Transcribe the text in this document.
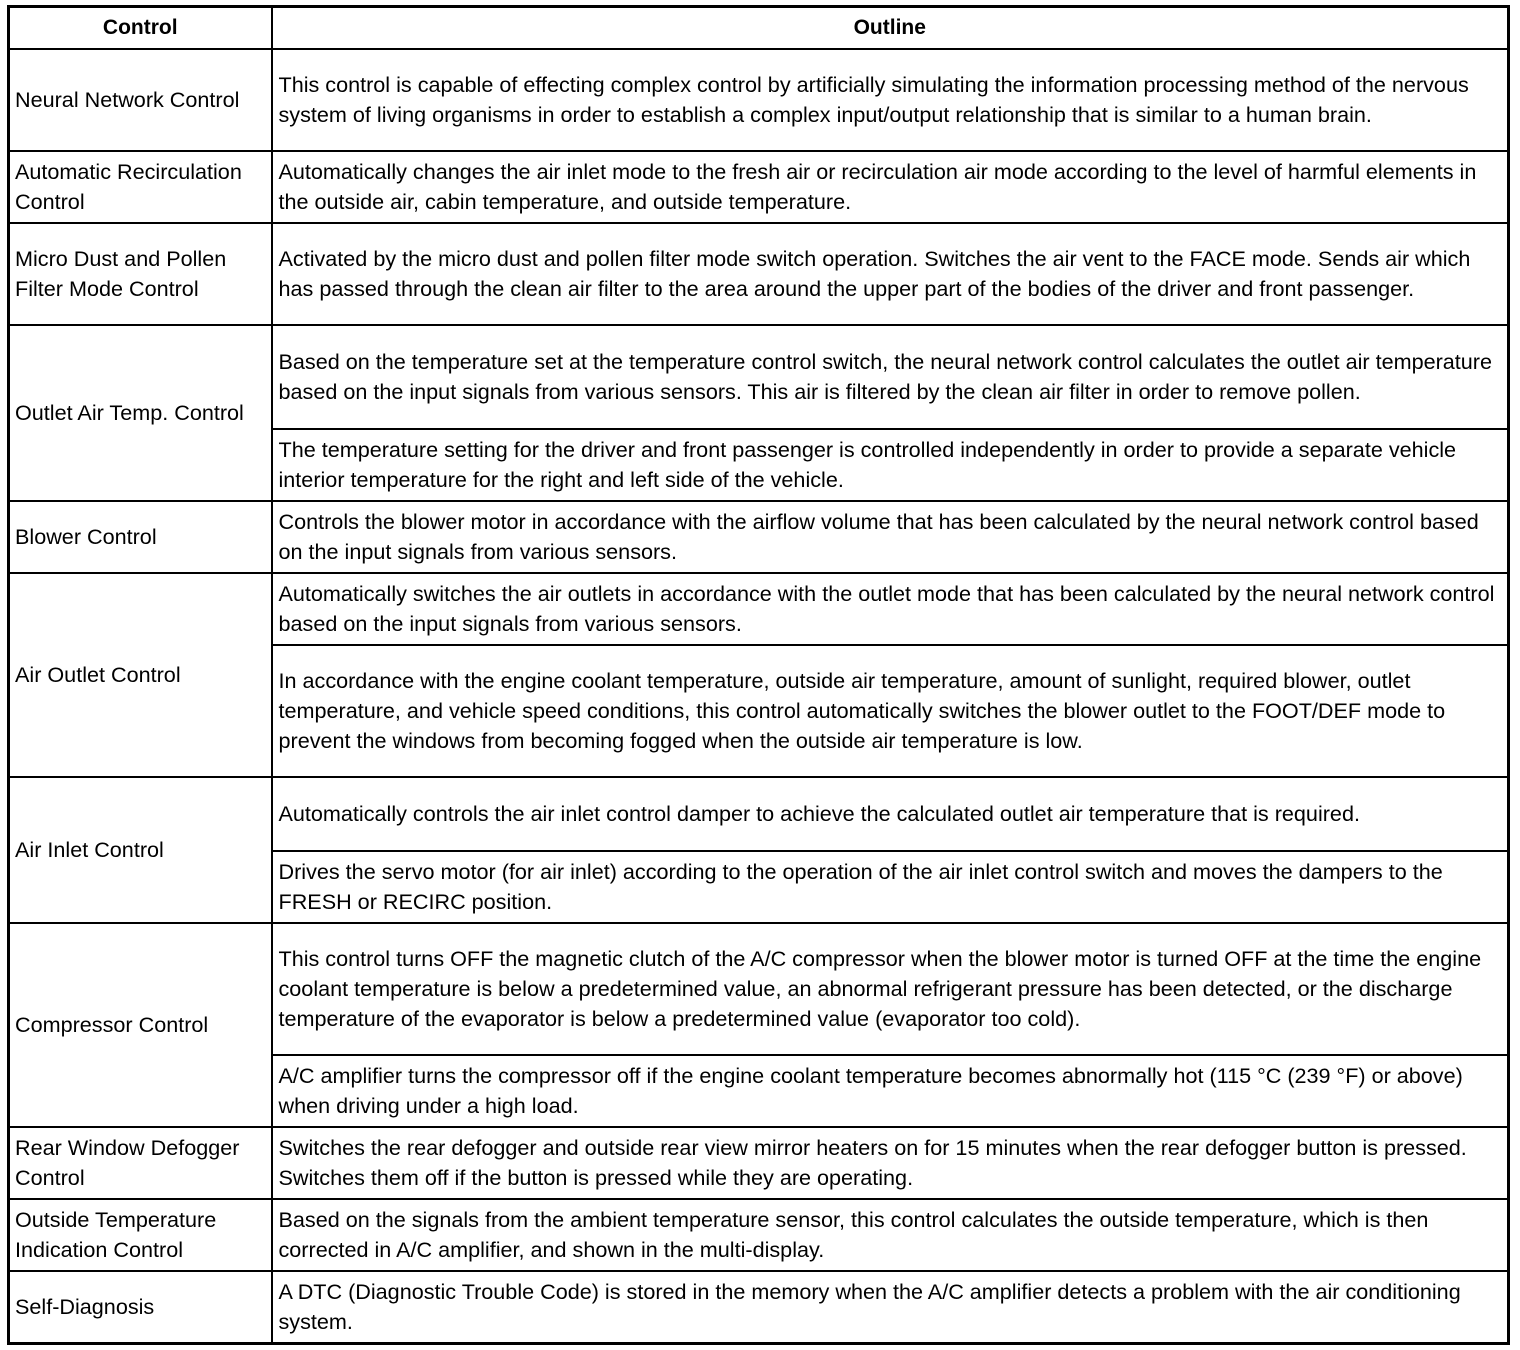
Control	Outline
Neural Network Control	This control is capable of effecting complex control by artificially simulating the information processing method of the nervous system of living organisms in order to establish a complex input/output relationship that is similar to a human brain.
Automatic Recirculation Control	Automatically changes the air inlet mode to the fresh air or recirculation air mode according to the level of harmful elements in the outside air, cabin temperature, and outside temperature.
Micro Dust and Pollen Filter Mode Control	Activated by the micro dust and pollen filter mode switch operation. Switches the air vent to the FACE mode. Sends air which has passed through the clean air filter to the area around the upper part of the bodies of the driver and front passenger.
Outlet Air Temp. Control	Based on the temperature set at the temperature control switch, the neural network control calculates the outlet air temperature based on the input signals from various sensors. This air is filtered by the clean air filter in order to remove pollen.
	The temperature setting for the driver and front passenger is controlled independently in order to provide a separate vehicle interior temperature for the right and left side of the vehicle.
Blower Control	Controls the blower motor in accordance with the airflow volume that has been calculated by the neural network control based on the input signals from various sensors.
Air Outlet Control	Automatically switches the air outlets in accordance with the outlet mode that has been calculated by the neural network control based on the input signals from various sensors.
	In accordance with the engine coolant temperature, outside air temperature, amount of sunlight, required blower, outlet temperature, and vehicle speed conditions, this control automatically switches the blower outlet to the FOOT/DEF mode to prevent the windows from becoming fogged when the outside air temperature is low.
Air Inlet Control	Automatically controls the air inlet control damper to achieve the calculated outlet air temperature that is required.
	Drives the servo motor (for air inlet) according to the operation of the air inlet control switch and moves the dampers to the FRESH or RECIRC position.
Compressor Control	This control turns OFF the magnetic clutch of the A/C compressor when the blower motor is turned OFF at the time the engine coolant temperature is below a predetermined value, an abnormal refrigerant pressure has been detected, or the discharge temperature of the evaporator is below a predetermined value (evaporator too cold).
	A/C amplifier turns the compressor off if the engine coolant temperature becomes abnormally hot (115 °C (239 °F) or above) when driving under a high load.
Rear Window Defogger Control	Switches the rear defogger and outside rear view mirror heaters on for 15 minutes when the rear defogger button is pressed. Switches them off if the button is pressed while they are operating.
Outside Temperature Indication Control	Based on the signals from the ambient temperature sensor, this control calculates the outside temperature, which is then corrected in A/C amplifier, and shown in the multi-display.
Self-Diagnosis	A DTC (Diagnostic Trouble Code) is stored in the memory when the A/C amplifier detects a problem with the air conditioning system.
